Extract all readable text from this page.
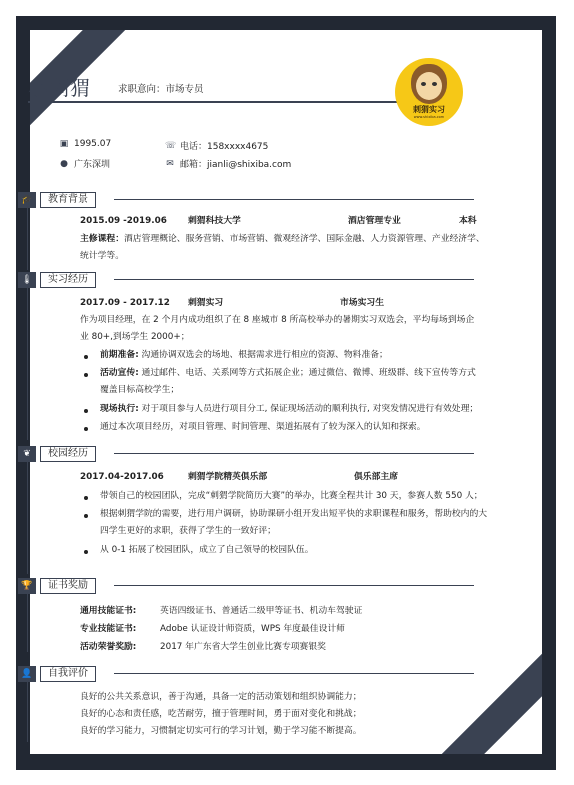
小刺猬	求职意向：市场专员
▣ 1995.07	☏ 电话：158xxxx4675
● 广东深圳	✉ 邮箱：jianli@shixiba.com
刺猬实习
www.shixiba.com
🎓	教育背景
2015.09 -2019.06 刺猬科技大学	酒店管理专业	本科
主修课程：酒店管理概论、服务营销、市场营销、微观经济学、国际金融、人力资源管理、产业经济学、
统计学等。
🌡	实习经历
2017.09 - 2017.12 刺猬实习	市场实习生
作为项目经理，在 2 个月内成功组织了在 8 座城市 8 所高校举办的暑期实习双选会，平均每场到场企
业 80+,到场学生 2000+；
前期准备: 沟通协调双选会的场地、根据需求进行相应的资源、物料准备；
活动宣传: 通过邮件、电话、关系网等方式拓展企业；通过微信、微博、班级群、线下宣传等方式
覆盖目标高校学生；
现场执行: 对于项目参与人员进行项目分工, 保证现场活动的顺利执行, 对突发情况进行有效处理；
通过本次项目经历，对项目管理、时间管理、渠道拓展有了较为深入的认知和探索。
❦	校园经历
2017.04-2017.06	刺猬学院精英俱乐部	俱乐部主席
带领自己的校园团队，完成“刺猬学院简历大赛”的举办，比赛全程共计 30 天，参赛人数 550 人；
根据刺猬学院的需要，进行用户调研，协助课研小组开发出短平快的求职课程和服务，帮助校内的大
四学生更好的求职，获得了学生的一致好评；
从 0-1 拓展了校园团队，成立了自己领导的校园队伍。
🏆	证书奖励
通用技能证书:	英语四级证书、普通话二级甲等证书、机动车驾驶证
专业技能证书:	Adobe 认证设计师资质，WPS 年度最佳设计师
活动荣誉奖励:	2017 年广东省大学生创业比赛专项赛银奖
👤	自我评价
良好的公共关系意识，善于沟通，具备一定的活动策划和组织协调能力；
良好的心态和责任感，吃苦耐劳，擅于管理时间，勇于面对变化和挑战；
良好的学习能力，习惯制定切实可行的学习计划，勤于学习能不断提高。
